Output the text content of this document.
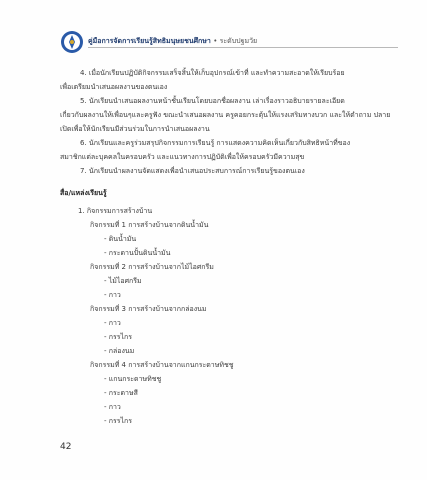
คู่มือการจัดการเรียนรู้สิทธิมนุษยชนศึกษา • ระดับปฐมวัย

4. เมื่อนักเรียนปฏิบัติกิจกรรมเสร็จสิ้นให้เก็บอุปกรณ์เข้าที่ และทำความสะอาดให้เรียบร้อย

เพื่อเตรียมนำเสนอผลงานของตนเอง

5. นักเรียนนำเสนอผลงานหน้าชั้นเรียนโดยบอกชื่อผลงาน เล่าเรื่องราวอธิบายรายละเอียด

เกี่ยวกับผลงานให้เพื่อนๆและครูฟัง ขณะนำเสนอผลงาน ครูคอยกระตุ้นให้แรงเสริมทางบวก และให้ตำถาม ปลายเปิดเพื่อให้นักเรียนมีส่วนร่วมในการนำเสนอผลงาน

6. นักเรียนและครูร่วมสรุปกิจกรรมการเรียนรู้ การแสดงความคิดเห็นเกี่ยวกับสิทธิหน้าที่ของ

สมาชิกแต่ละบุคคลในครอบครัว และแนวทางการปฏิบัติเพื่อให้ครอบครัวมีความสุข

7. นักเรียนนำผลงานจัดแสดงเพื่อนำเสนอประสบการณ์การเรียนรู้ของตนเอง

สื่อ/แหล่งเรียนรู้

1. กิจกรรมการสร้างบ้าน

กิจกรรมที่ 1 การสร้างบ้านจากดินน้ำมัน

- ดินน้ำมัน

- กระดานปั้นดินน้ำมัน

กิจกรรมที่ 2 การสร้างบ้านจากไม้ไอศกรีม

- ไม้ไอศกรีม

- กาว

กิจกรรมที่ 3 การสร้างบ้านจากกล่องนม

- กาว

- กรรไกร

- กล่องนม

กิจกรรมที่ 4 การสร้างบ้านจากแกนกระดาษทิชชู

- แกนกระดาษทิชชู

- กระดาษสี

- กาว

- กรรไกร

42
